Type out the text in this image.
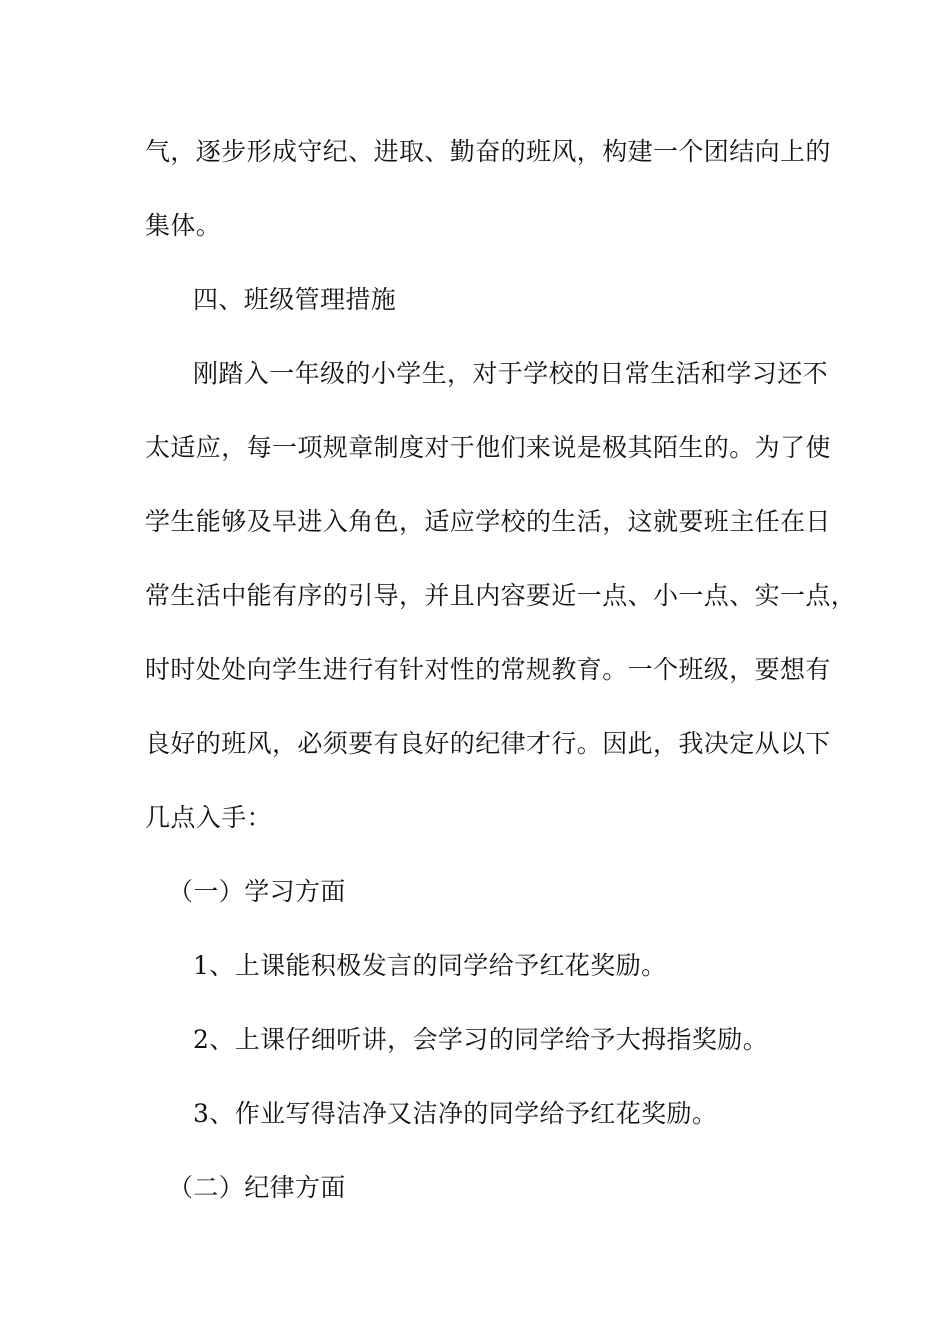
气，逐步形成守纪、进取、勤奋的班风，构建一个团结向上的
集体。
四、班级管理措施
刚踏入一年级的小学生，对于学校的日常生活和学习还不
太适应，每一项规章制度对于他们来说是极其陌生的。为了使
学生能够及早进入角色，适应学校的生活，这就要班主任在日
常生活中能有序的引导，并且内容要近一点、小一点、实一点，
时时处处向学生进行有针对性的常规教育。一个班级，要想有
良好的班风，必须要有良好的纪律才行。因此，我决定从以下
几点入手：
（一）学习方面
1、上课能积极发言的同学给予红花奖励。
2、上课仔细听讲，会学习的同学给予大拇指奖励。
3、作业写得洁净又洁净的同学给予红花奖励。
（二）纪律方面
